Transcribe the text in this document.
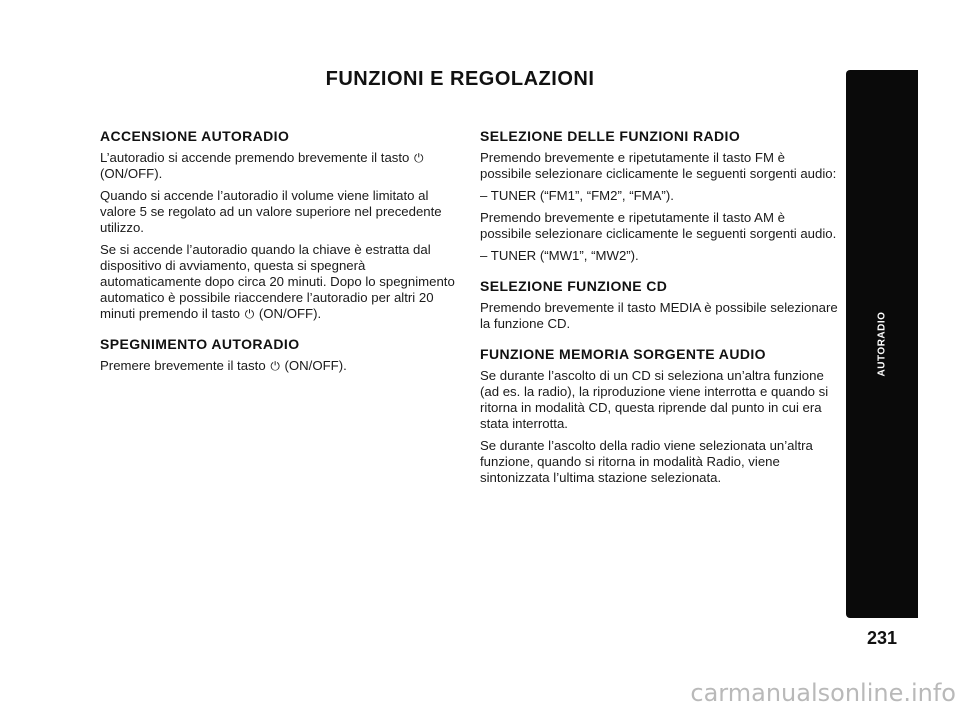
FUNZIONI E REGOLAZIONI
ACCENSIONE AUTORADIO

L’autoradio si accende premendo brevemente il tasto ⏻
(ON/OFF).

Quando si accende l’autoradio il volume viene limitato al valore 5 se regolato ad un valore superiore nel precedente utilizzo.

Se si accende l’autoradio quando la chiave è estratta dal dispositivo di avviamento, questa si spegnerà automaticamente dopo circa 20 minuti. Dopo lo spegnimento automatico è possibile riaccendere l’autoradio per altri 20 minuti premendo il tasto ⏻ (ON/OFF).

SPEGNIMENTO AUTORADIO

Premere brevemente il tasto ⏻ (ON/OFF).

SELEZIONE DELLE FUNZIONI RADIO

Premendo brevemente e ripetutamente il tasto FM è possibile selezionare ciclicamente le seguenti sorgenti audio:

– TUNER (“FM1”, “FM2”, “FMA”).

Premendo brevemente e ripetutamente il tasto AM è possibile selezionare ciclicamente le seguenti sorgenti audio.

– TUNER (“MW1”, “MW2”).

SELEZIONE FUNZIONE CD

Premendo brevemente il tasto MEDIA è possibile selezionare la funzione CD.

FUNZIONE MEMORIA SORGENTE AUDIO

Se durante l’ascolto di un CD si seleziona un’altra funzione (ad es. la radio), la riproduzione viene interrotta e quando si ritorna in modalità CD, questa riprende dal punto in cui era stata interrotta.

Se durante l’ascolto della radio viene selezionata un’altra funzione, quando si ritorna in modalità Radio, viene sintonizzata l’ultima stazione selezionata.

AUTORADIO
231
carmanualsonline.info
